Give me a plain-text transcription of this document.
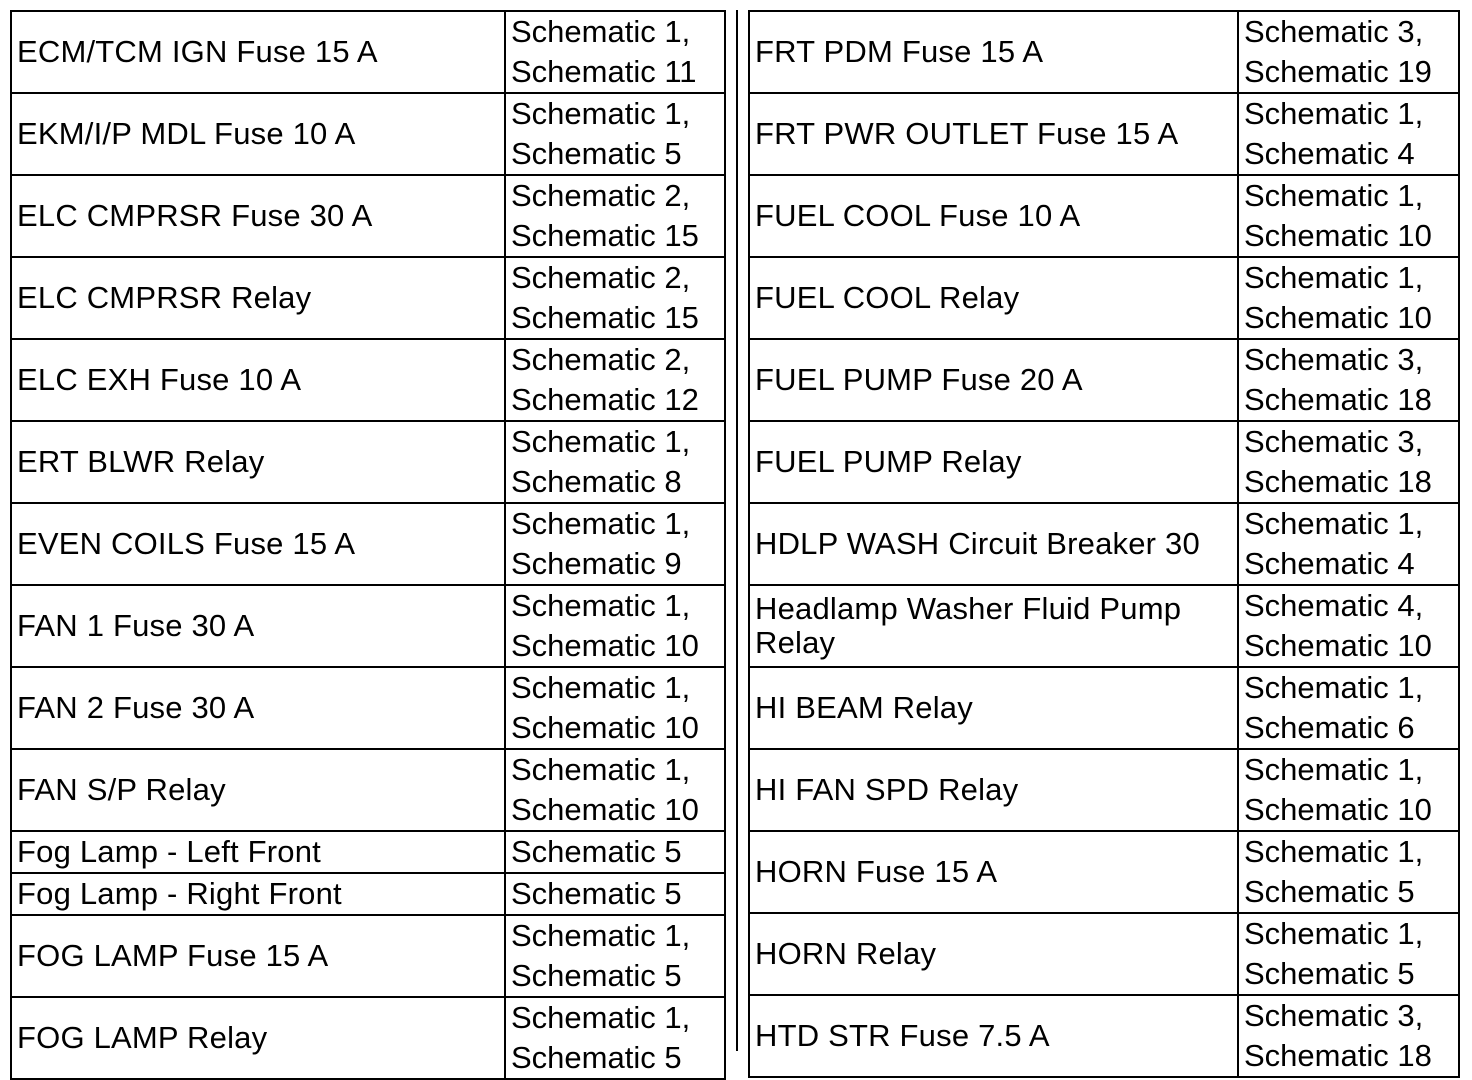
ECM/TCM IGN Fuse 15 A	Schematic 1,
Schematic 11

EKM/I/P MDL Fuse 10 A	Schematic 1,
Schematic 5

ELC CMPRSR Fuse 30 A	Schematic 2,
Schematic 15

ELC CMPRSR Relay	Schematic 2,
Schematic 15

ELC EXH Fuse 10 A	Schematic 2,
Schematic 12

ERT BLWR Relay	Schematic 1,
Schematic 8

EVEN COILS Fuse 15 A	Schematic 1,
Schematic 9

FAN 1 Fuse 30 A	Schematic 1,
Schematic 10

FAN 2 Fuse 30 A	Schematic 1,
Schematic 10

FAN S/P Relay	Schematic 1,
Schematic 10

Fog Lamp - Left Front	Schematic 5

Fog Lamp - Right Front	Schematic 5

FOG LAMP Fuse 15 A	Schematic 1,
Schematic 5

FOG LAMP Relay	Schematic 1,
Schematic 5
FRT PDM Fuse 15 A	Schematic 3,
Schematic 19

FRT PWR OUTLET Fuse 15 A	Schematic 1,
Schematic 4

FUEL COOL Fuse 10 A	Schematic 1,
Schematic 10

FUEL COOL Relay	Schematic 1,
Schematic 10

FUEL PUMP Fuse 20 A	Schematic 3,
Schematic 18

FUEL PUMP Relay	Schematic 3,
Schematic 18

HDLP WASH Circuit Breaker 30	Schematic 1,
Schematic 4

Headlamp Washer Fluid Pump Relay	Schematic 4,
Schematic 10

HI BEAM Relay	Schematic 1,
Schematic 6

HI FAN SPD Relay	Schematic 1,
Schematic 10

HORN Fuse 15 A	Schematic 1,
Schematic 5

HORN Relay	Schematic 1,
Schematic 5

HTD STR Fuse 7.5 A	Schematic 3,
Schematic 18
